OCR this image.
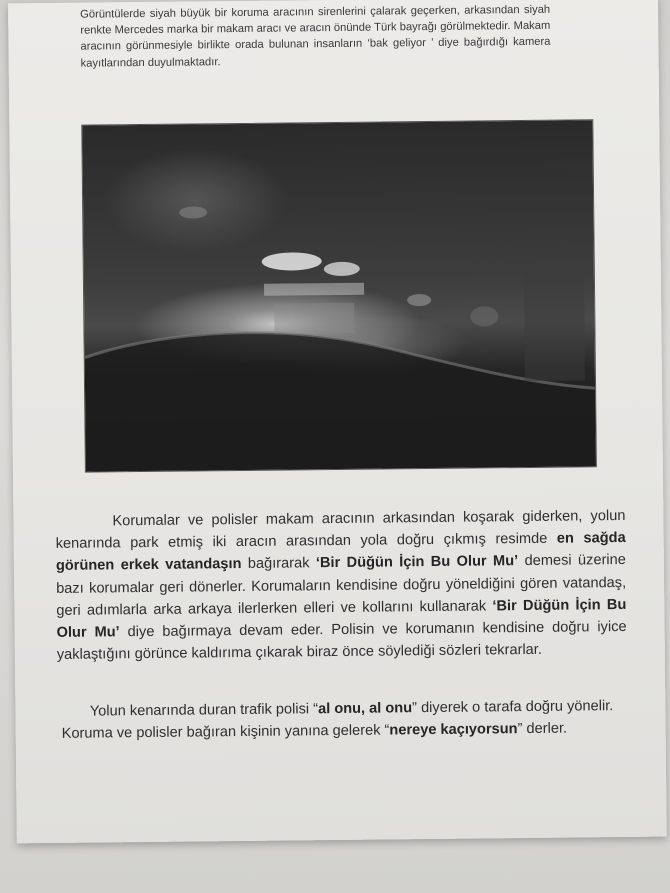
Görüntülerde siyah büyük bir koruma aracının sirenlerini çalarak geçerken, arkasından siyah renkte Mercedes marka bir makam aracı ve aracın önünde Türk bayrağı görülmektedir. Makam aracının görünmesiyle birlikte orada bulunan insanların ‘bak geliyor ’ diye bağırdığı kamera kayıtlarından duyulmaktadır.

Korumalar ve polisler makam aracının arkasından koşarak giderken, yolun kenarında park etmiş iki aracın arasından yola doğru çıkmış resimde en sağda görünen erkek vatandaşın bağırarak ‘Bir Düğün İçin Bu Olur Mu’ demesi üzerine bazı korumalar geri dönerler. Korumaların kendisine doğru yöneldiğini gören vatandaş, geri adımlarla arka arkaya ilerlerken elleri ve kollarını kullanarak ‘Bir Düğün İçin Bu Olur Mu’ diye bağırmaya devam eder. Polisin ve korumanın kendisine doğru iyice yaklaştığını görünce kaldırıma çıkarak biraz önce söylediği sözleri tekrarlar.

Yolun kenarında duran trafik polisi “al onu, al onu” diyerek o tarafa doğru yönelir. Koruma ve polisler bağıran kişinin yanına gelerek “nereye kaçıyorsun” derler.
